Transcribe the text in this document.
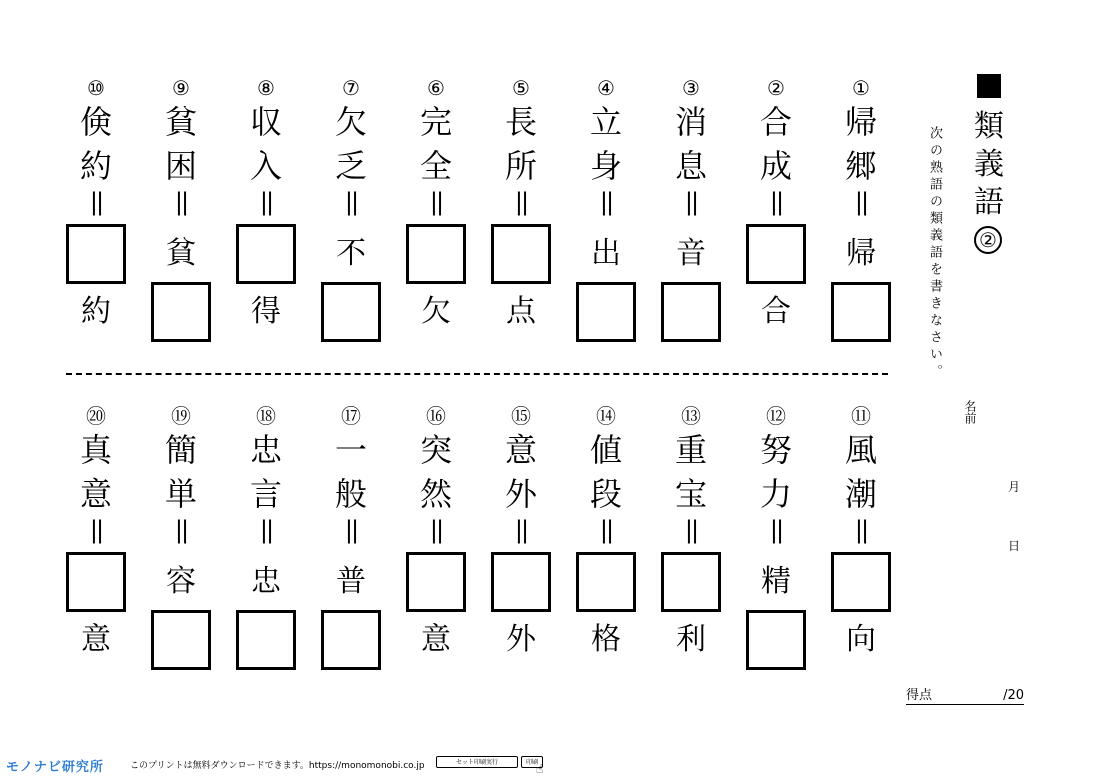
類
義
語
②
次の熟語の類義語を書きなさい。
名前
月
日
①
帰
郷
||
帰
②
合
成
||
合
③
消
息
||
音
④
立
身
||
出
⑤
長
所
||
点
⑥
完
全
||
欠
⑦
欠
乏
||
不
⑧
収
入
||
得
⑨
貧
困
||
貧
⑩
倹
約
||
約
⑪
風
潮
||
向
⑫
努
力
||
精
⑬
重
宝
||
利
⑭
値
段
||
格
⑮
意
外
||
外
⑯
突
然
||
意
⑰
一
般
||
普
⑱
忠
言
||
忠
⑲
簡
単
||
容
⑳
真
意
||
意
得点	/20
モノナビ研究所	このプリントは無料ダウンロードできます。https://monomonobi.co.jp	セット印刷実行	印刷
☝
